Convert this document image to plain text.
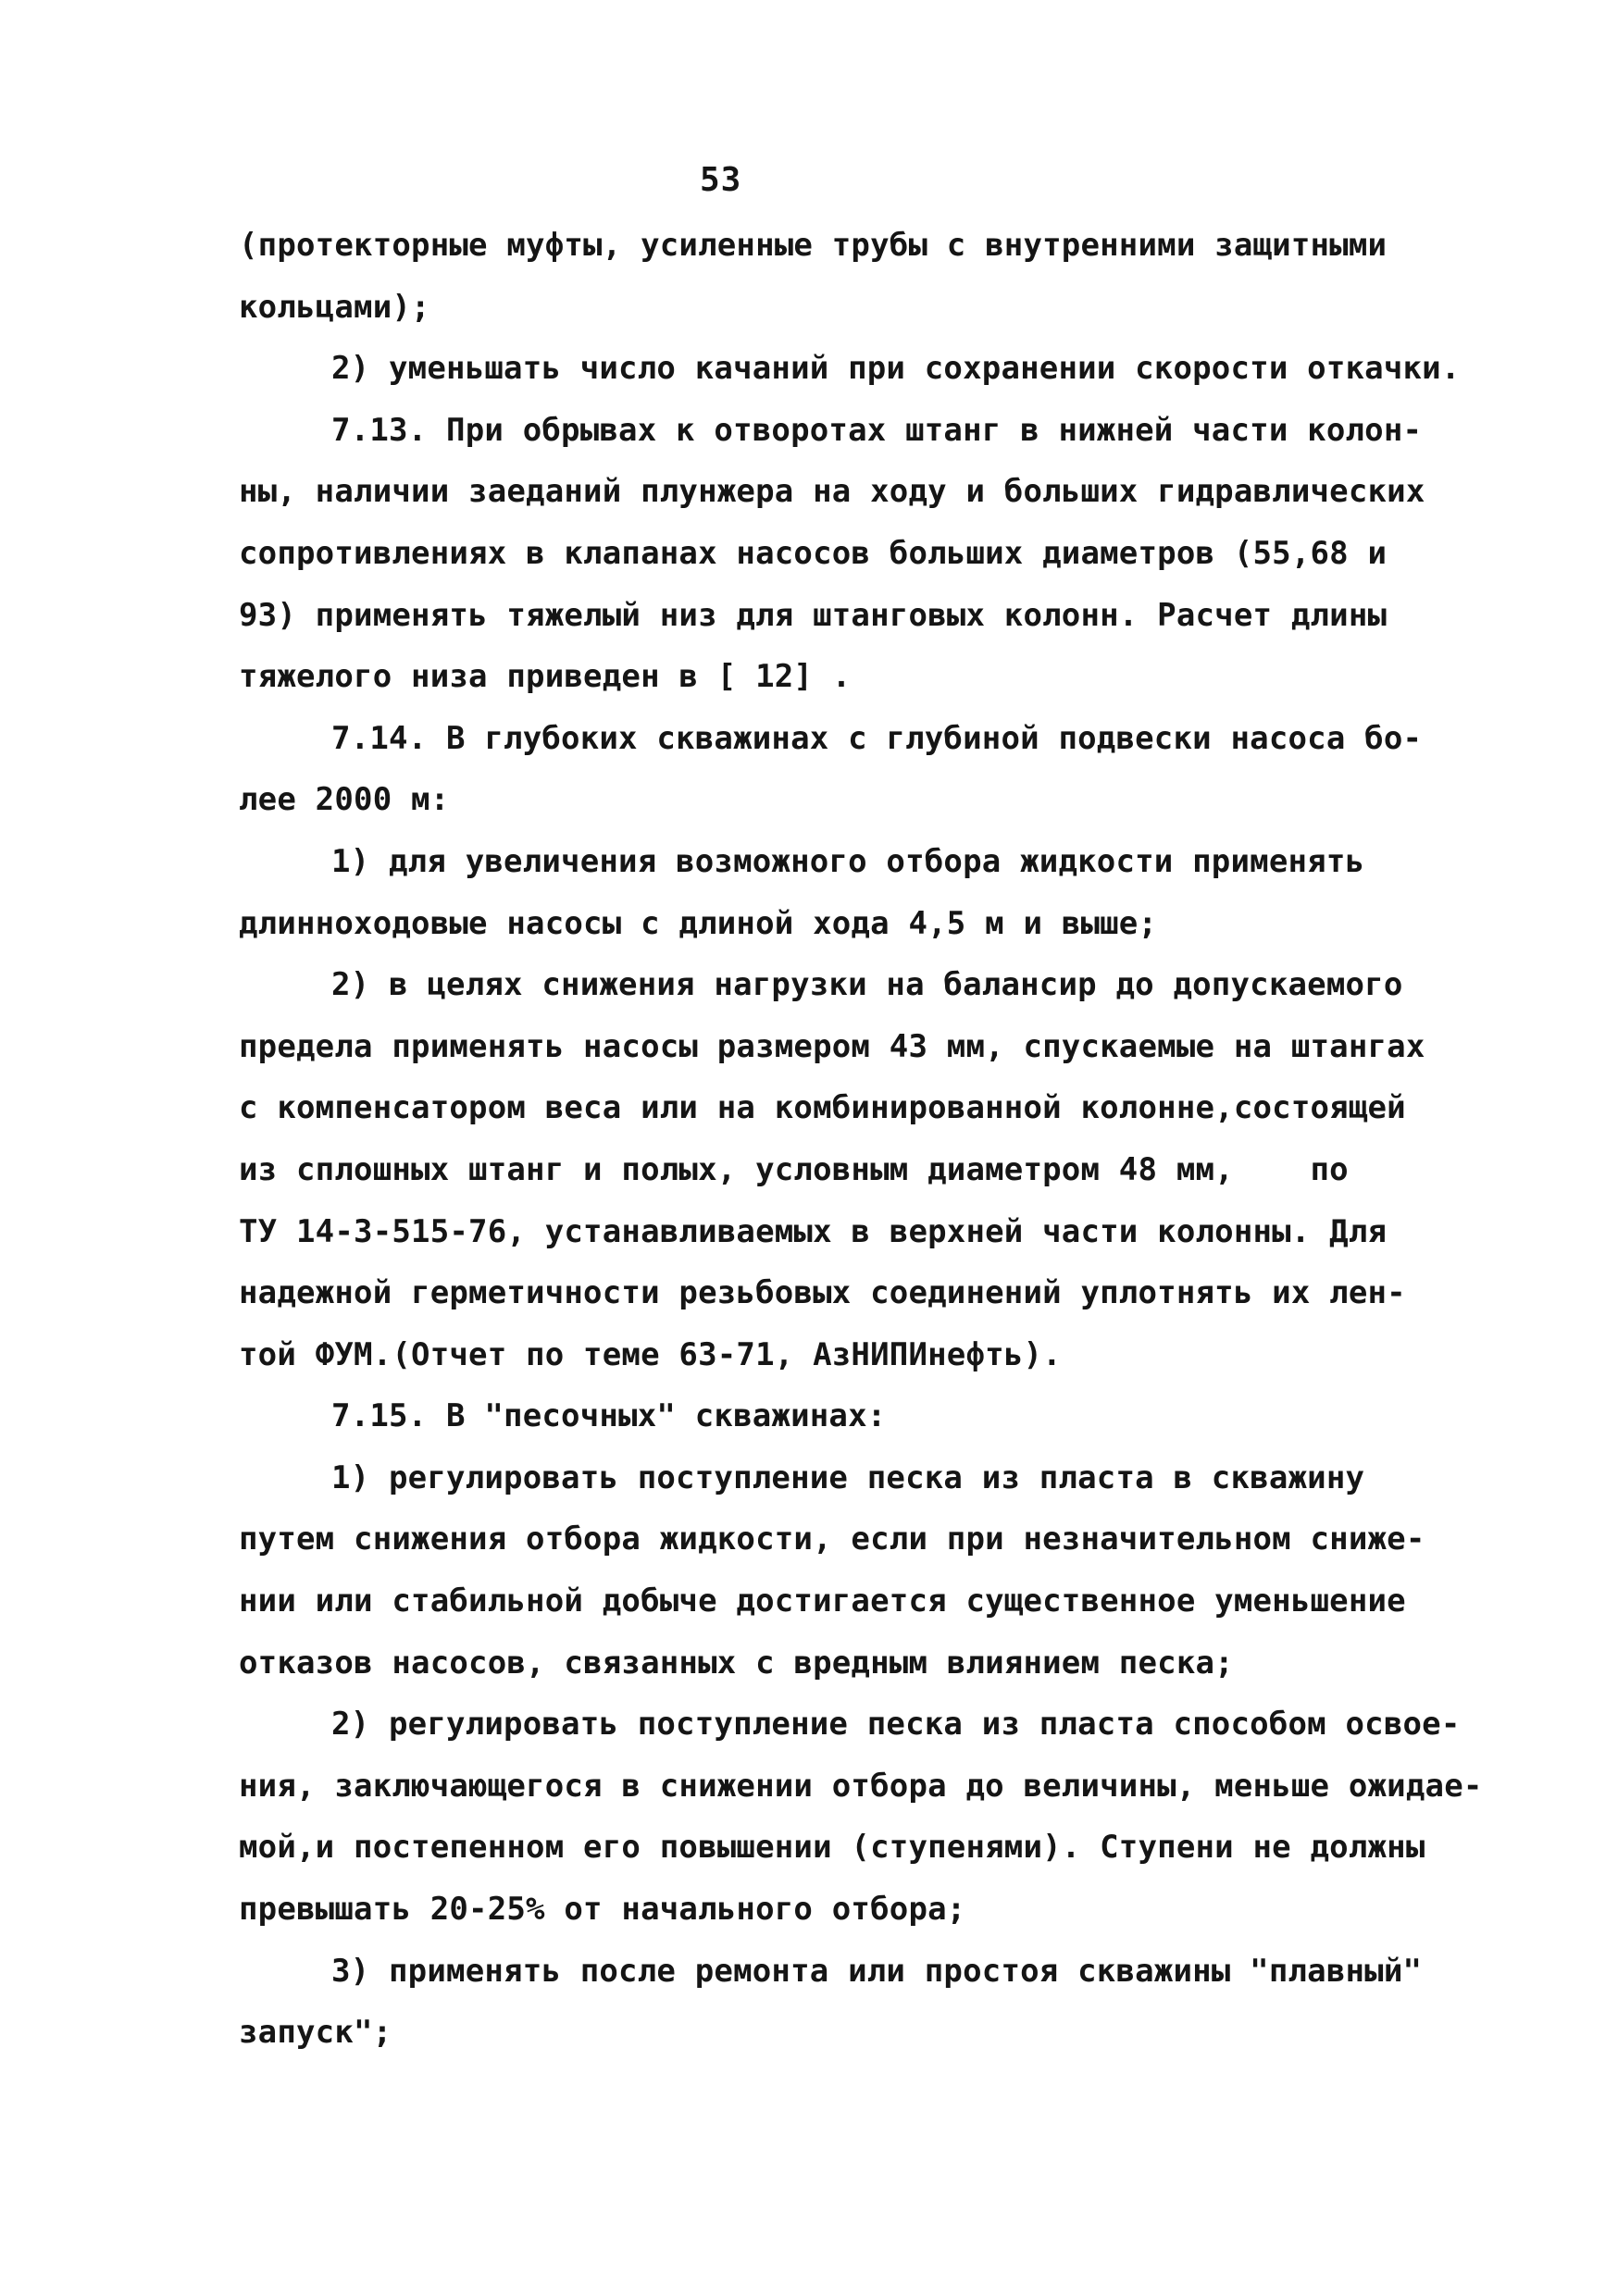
53
(протекторные муфты, усиленные трубы с внутренними защитными
кольцами);
2) уменьшать число качаний при сохранении скорости откачки.
7.13. При обрывах к отворотах штанг в нижней части колон-
ны, наличии заеданий плунжера на ходу и больших гидравлических
сопротивлениях в клапанах насосов больших диаметров (55,68 и
93) применять тяжелый низ для штанговых колонн. Расчет длины
тяжелого низа приведен в [ 12] .
7.14. В глубоких скважинах с глубиной подвески насоса бо-
лее 2000 м:
1) для увеличения возможного отбора жидкости применять
длинноходовые насосы с длиной хода 4,5 м и выше;
2) в целях снижения нагрузки на балансир до допускаемого
предела применять насосы размером 43 мм, спускаемые на штангах
с компенсатором веса или на комбинированной колонне,состоящей
из сплошных штанг и полых, условным диаметром 48 мм,    по
ТУ 14-3-515-76, устанавливаемых в верхней части колонны. Для
надежной герметичности резьбовых соединений уплотнять их лен-
той ФУМ.(Отчет по теме 63-71, АзНИПИнефть).
7.15. В "песочных" скважинах:
1) регулировать поступление песка из пласта в скважину
путем снижения отбора жидкости, если при незначительном сниже-
нии или стабильной добыче достигается существенное уменьшение
отказов насосов, связанных с вредным влиянием песка;
2) регулировать поступление песка из пласта способом освое-
ния, заключающегося в снижении отбора до величины, меньше ожидае-
мой,и постепенном его повышении (ступенями). Ступени не должны
превышать 20-25% от начального отбора;
3) применять после ремонта или простоя скважины "плавный"
запуск";
